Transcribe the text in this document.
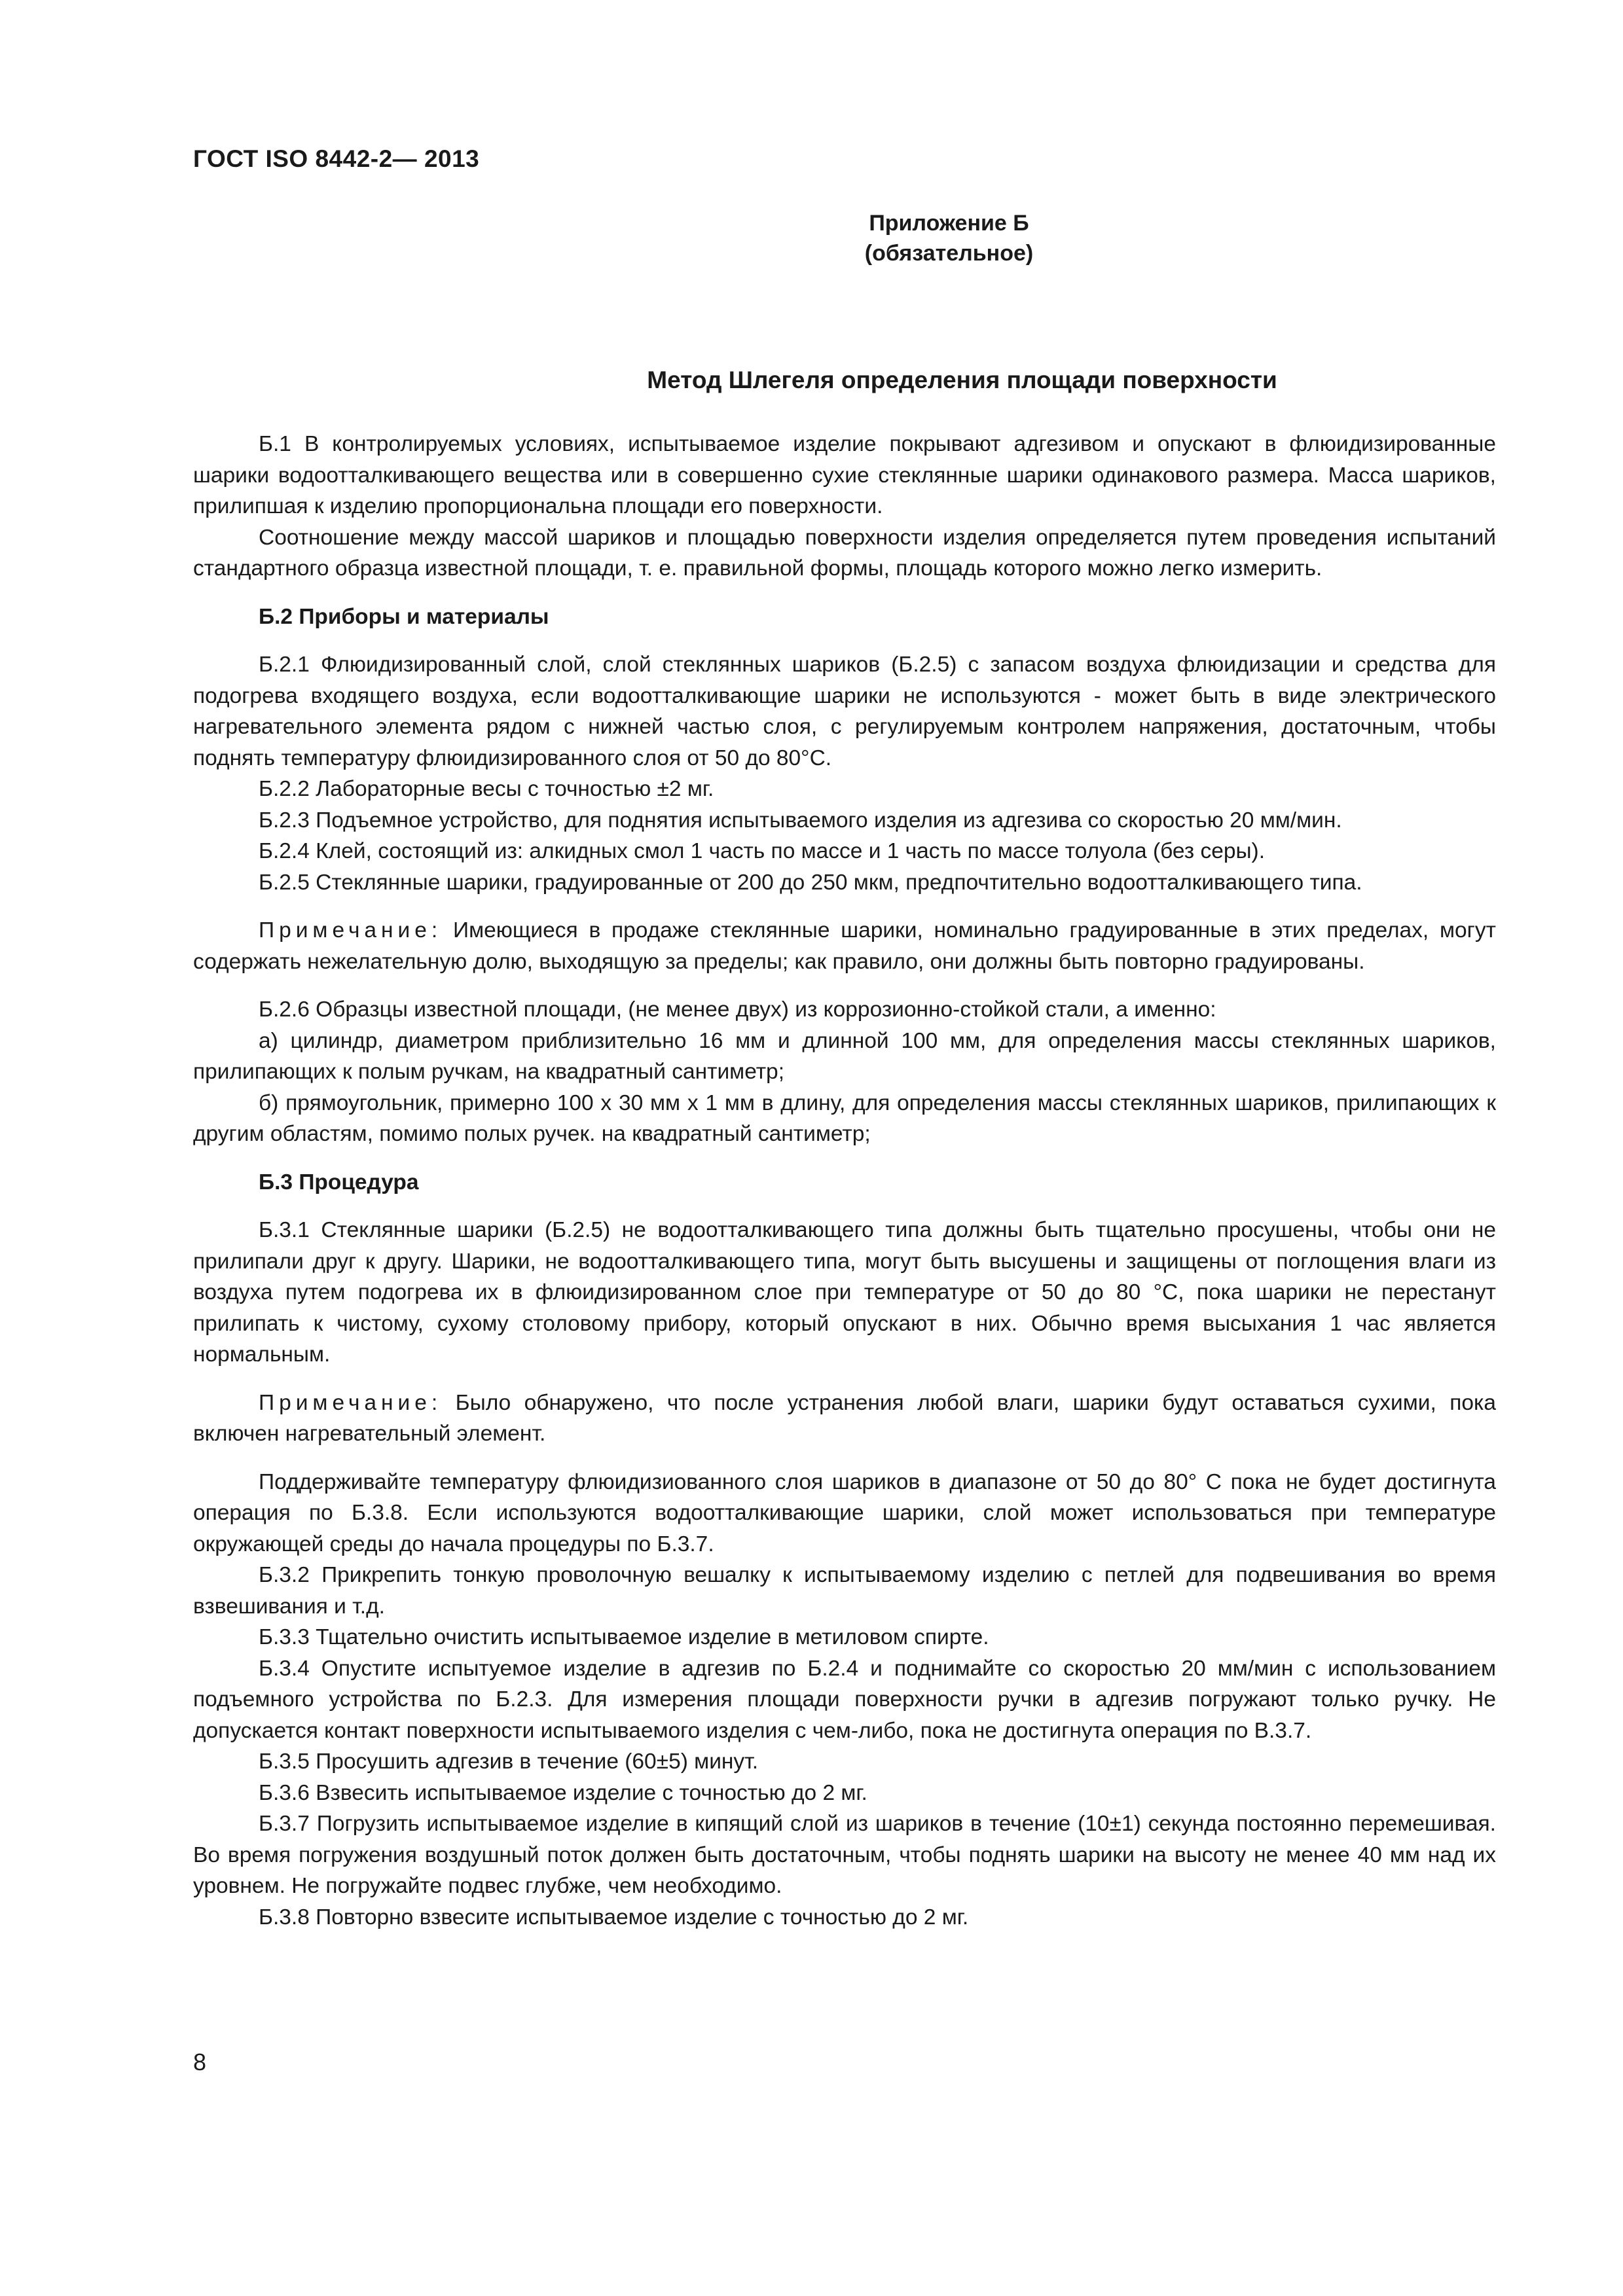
ГОСТ ISO 8442-2— 2013
Приложение Б
(обязательное)
Метод Шлегеля определения площади поверхности

Б.1 В контролируемых условиях, испытываемое изделие покрывают адгезивом и опускают в флюидизированные шарики водоотталкивающего вещества или в совершенно сухие стеклянные шарики одинакового размера. Масса шариков, прилипшая к изделию пропорциональна площади его поверхности.

Соотношение между массой шариков и площадью поверхности изделия определяется путем проведения испытаний стандартного образца известной площади, т. е. правильной формы, площадь которого можно легко измерить.

Б.2 Приборы и материалы

Б.2.1 Флюидизированный слой, слой стеклянных шариков (Б.2.5) с запасом воздуха флюидизации и средства для подогрева входящего воздуха, если водоотталкивающие шарики не используются - может быть в виде электрического нагревательного элемента рядом с нижней частью слоя, с регулируемым контролем напряжения, достаточным, чтобы поднять температуру флюидизированного слоя от 50 до 80°С.

Б.2.2 Лабораторные весы с точностью ±2 мг.

Б.2.3 Подъемное устройство, для поднятия испытываемого изделия из адгезива со скоростью 20 мм/мин.

Б.2.4 Клей, состоящий из: алкидных смол 1 часть по массе и 1 часть по массе толуола (без серы).

Б.2.5 Стеклянные шарики, градуированные от 200 до 250 мкм, предпочтительно водоотталкивающего типа.

Примечание: Имеющиеся в продаже стеклянные шарики, номинально градуированные в этих пределах, могут содержать нежелательную долю, выходящую за пределы; как правило, они должны быть повторно градуированы.

Б.2.6 Образцы известной площади, (не менее двух) из коррозионно-стойкой стали, а именно:

а) цилиндр, диаметром приблизительно 16 мм и длинной 100 мм, для определения массы стеклянных шариков, прилипающих к полым ручкам, на квадратный сантиметр;

б) прямоугольник, примерно 100 х 30 мм х 1 мм в длину, для определения массы стеклянных шариков, прилипающих к другим областям, помимо полых ручек. на квадратный сантиметр;

Б.3 Процедура

Б.3.1 Стеклянные шарики (Б.2.5) не водоотталкивающего типа должны быть тщательно просушены, чтобы они не прилипали друг к другу. Шарики, не водоотталкивающего типа, могут быть высушены и защищены от поглощения влаги из воздуха путем подогрева их в флюидизированном слое при температуре от 50 до 80 °С, пока шарики не перестанут прилипать к чистому, сухому столовому прибору, который опускают в них. Обычно время высыхания 1 час является нормальным.

Примечание: Было обнаружено, что после устранения любой влаги, шарики будут оставаться сухими, пока включен нагревательный элемент.

Поддерживайте температуру флюидизиованного слоя шариков в диапазоне от 50 до 80° С пока не будет достигнута операция по Б.3.8. Если используются водоотталкивающие шарики, слой может использоваться при температуре окружающей среды до начала процедуры по Б.3.7.

Б.3.2 Прикрепить тонкую проволочную вешалку к испытываемому изделию с петлей для подвешивания во время взвешивания и т.д.

Б.3.3 Тщательно очистить испытываемое изделие в метиловом спирте.

Б.3.4 Опустите испытуемое изделие в адгезив по Б.2.4 и поднимайте со скоростью 20 мм/мин с использованием подъемного устройства по Б.2.3. Для измерения площади поверхности ручки в адгезив погружают только ручку. Не допускается контакт поверхности испытываемого изделия с чем-либо, пока не достигнута операция по В.3.7.

Б.3.5 Просушить адгезив в течение (60±5) минут.

Б.3.6 Взвесить испытываемое изделие с точностью до 2 мг.

Б.3.7 Погрузить испытываемое изделие в кипящий слой из шариков в течение (10±1) секунда постоянно перемешивая. Во время погружения воздушный поток должен быть достаточным, чтобы поднять шарики на высоту не менее 40 мм над их уровнем. Не погружайте подвес глубже, чем необходимо.

Б.3.8 Повторно взвесите испытываемое изделие с точностью до 2 мг.

8
